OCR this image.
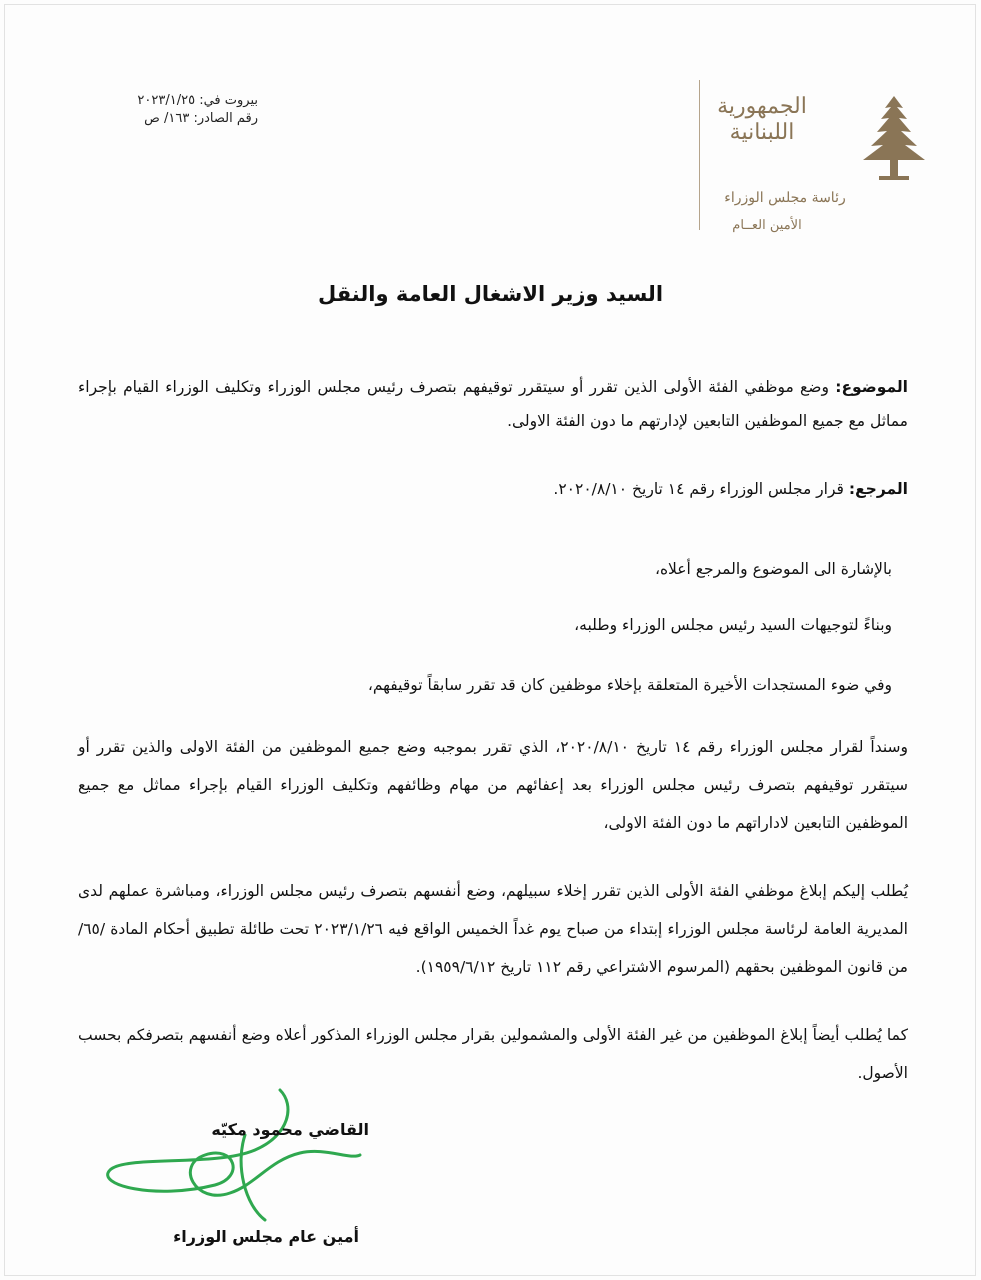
الجمهورية
اللبنانية
رئاسة مجلس الوزراء
الأمين العــام
بيروت في: ٢٠٢٣/١/٢٥
رقم الصادر: ١٦٣/ ص
السيد وزير الاشغال العامة والنقل
الموضوع: وضع موظفي الفئة الأولى الذين تقرر أو سيتقرر توقيفهم بتصرف رئيس مجلس الوزراء وتكليف الوزراء القيام بإجراء مماثل مع جميع الموظفين التابعين لإدارتهم ما دون الفئة الاولى.
المرجع: قرار مجلس الوزراء رقم ١٤ تاريخ ٢٠٢٠/٨/١٠.
بالإشارة الى الموضوع والمرجع أعلاه،
وبناءً لتوجيهات السيد رئيس مجلس الوزراء وطلبه،
وفي ضوء المستجدات الأخيرة المتعلقة بإخلاء موظفين كان قد تقرر سابقاً توقيفهم،
وسنداً لقرار مجلس الوزراء رقم ١٤ تاريخ ٢٠٢٠/٨/١٠، الذي تقرر بموجبه وضع جميع الموظفين من الفئة الاولى والذين تقرر أو سيتقرر توقيفهم بتصرف رئيس مجلس الوزراء بعد إعفائهم من مهام وظائفهم وتكليف الوزراء القيام بإجراء مماثل مع جميع الموظفين التابعين لاداراتهم ما دون الفئة الاولى،
يُطلب إليكم إبلاغ موظفي الفئة الأولى الذين تقرر إخلاء سبيلهم، وضع أنفسهم بتصرف رئيس مجلس الوزراء، ومباشرة عملهم لدى المديرية العامة لرئاسة مجلس الوزراء إبتداء من صباح يوم غداً الخميس الواقع فيه ٢٠٢٣/١/٢٦ تحت طائلة تطبيق أحكام المادة /٦٥/ من قانون الموظفين بحقهم (المرسوم الاشتراعي رقم ١١٢ تاريخ ١٩٥٩/٦/١٢).
كما يُطلب أيضاً إبلاغ الموظفين من غير الفئة الأولى والمشمولين بقرار مجلس الوزراء المذكور أعلاه وضع أنفسهم بتصرفكم بحسب الأصول.
القاضي محمود مكيّه
أمين عام مجلس الوزراء
